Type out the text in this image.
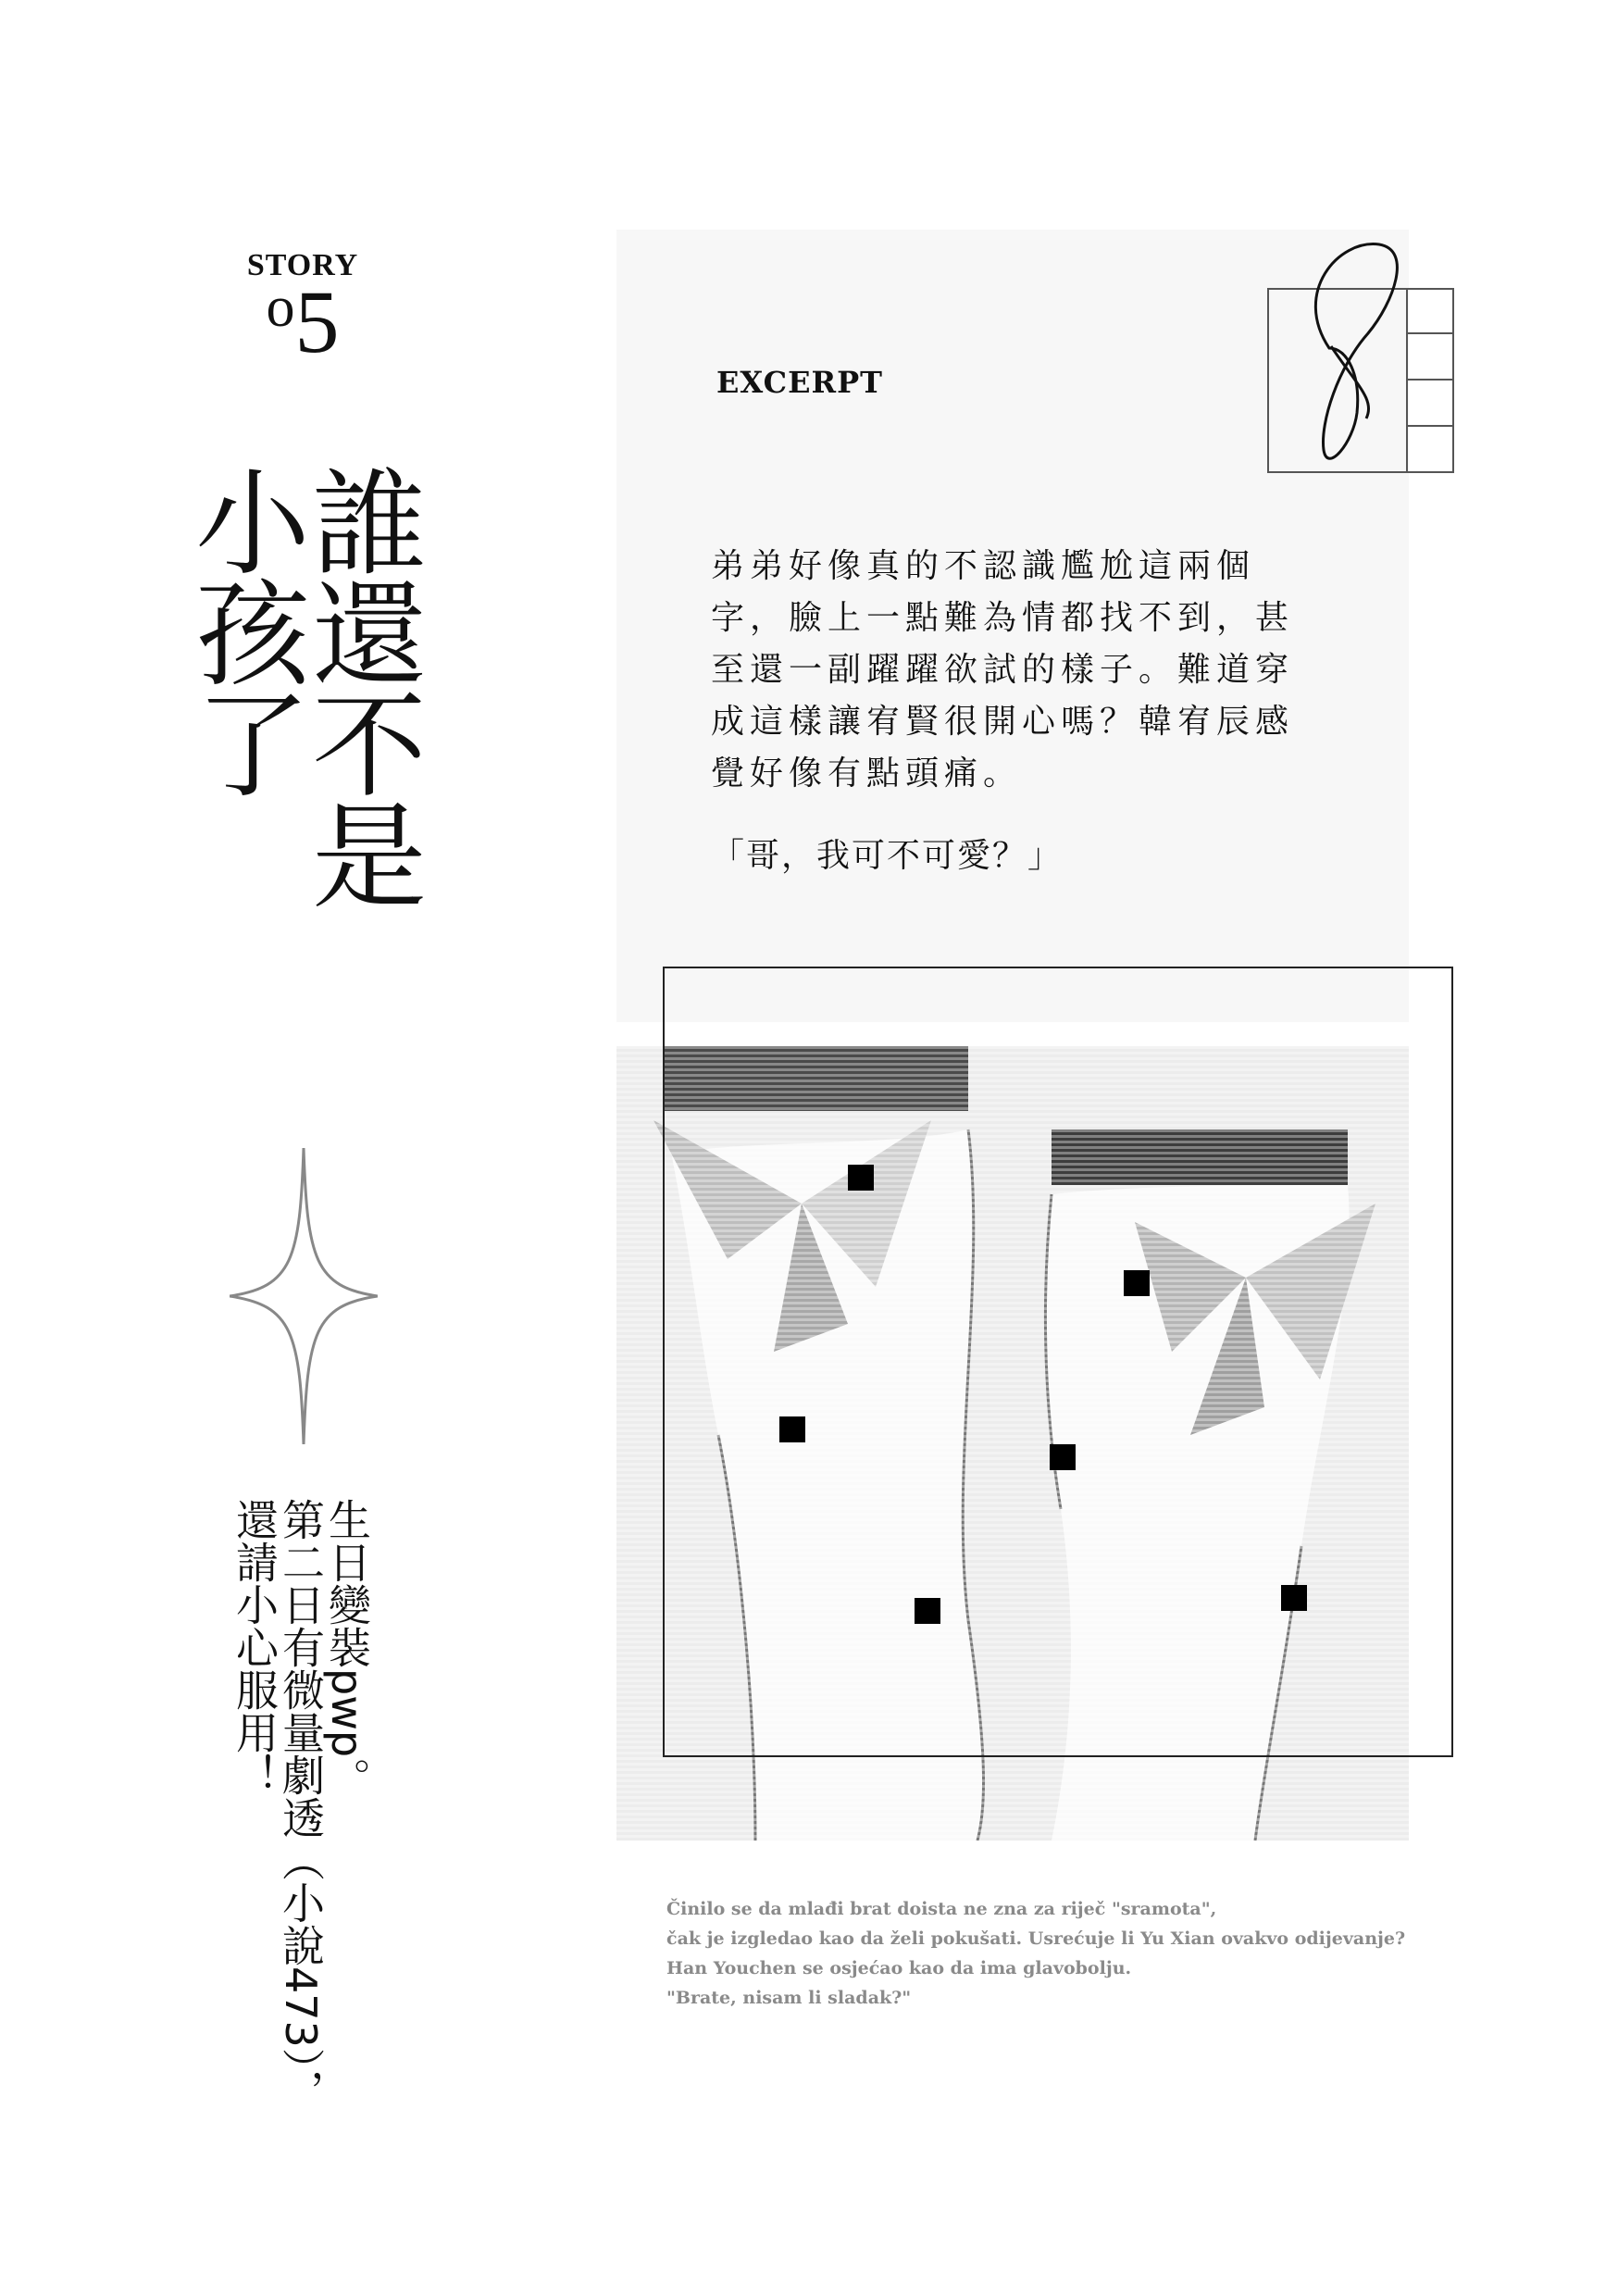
STORY
$^o$5
誰還不是
小孩了
生日變裝pwp。
第二日有微量劇透（小說473），
還請小心服用！
EXCERPT

弟弟好像真的不認識尷尬這兩個

字，臉上一點難為情都找不到，甚

至還一副躍躍欲試的樣子。難道穿

成這樣讓宥賢很開心嗎？韓宥辰感

覺好像有點頭痛。

「哥，我可不可愛？」
Činilo se da mlađi brat doista ne zna za riječ "sramota",
čak je izgledao kao da želi pokušati. Usrećuje li Yu Xian ovakvo odijevanje?
Han Youchen se osjećao kao da ima glavobolju.
"Brate, nisam li sladak?"
